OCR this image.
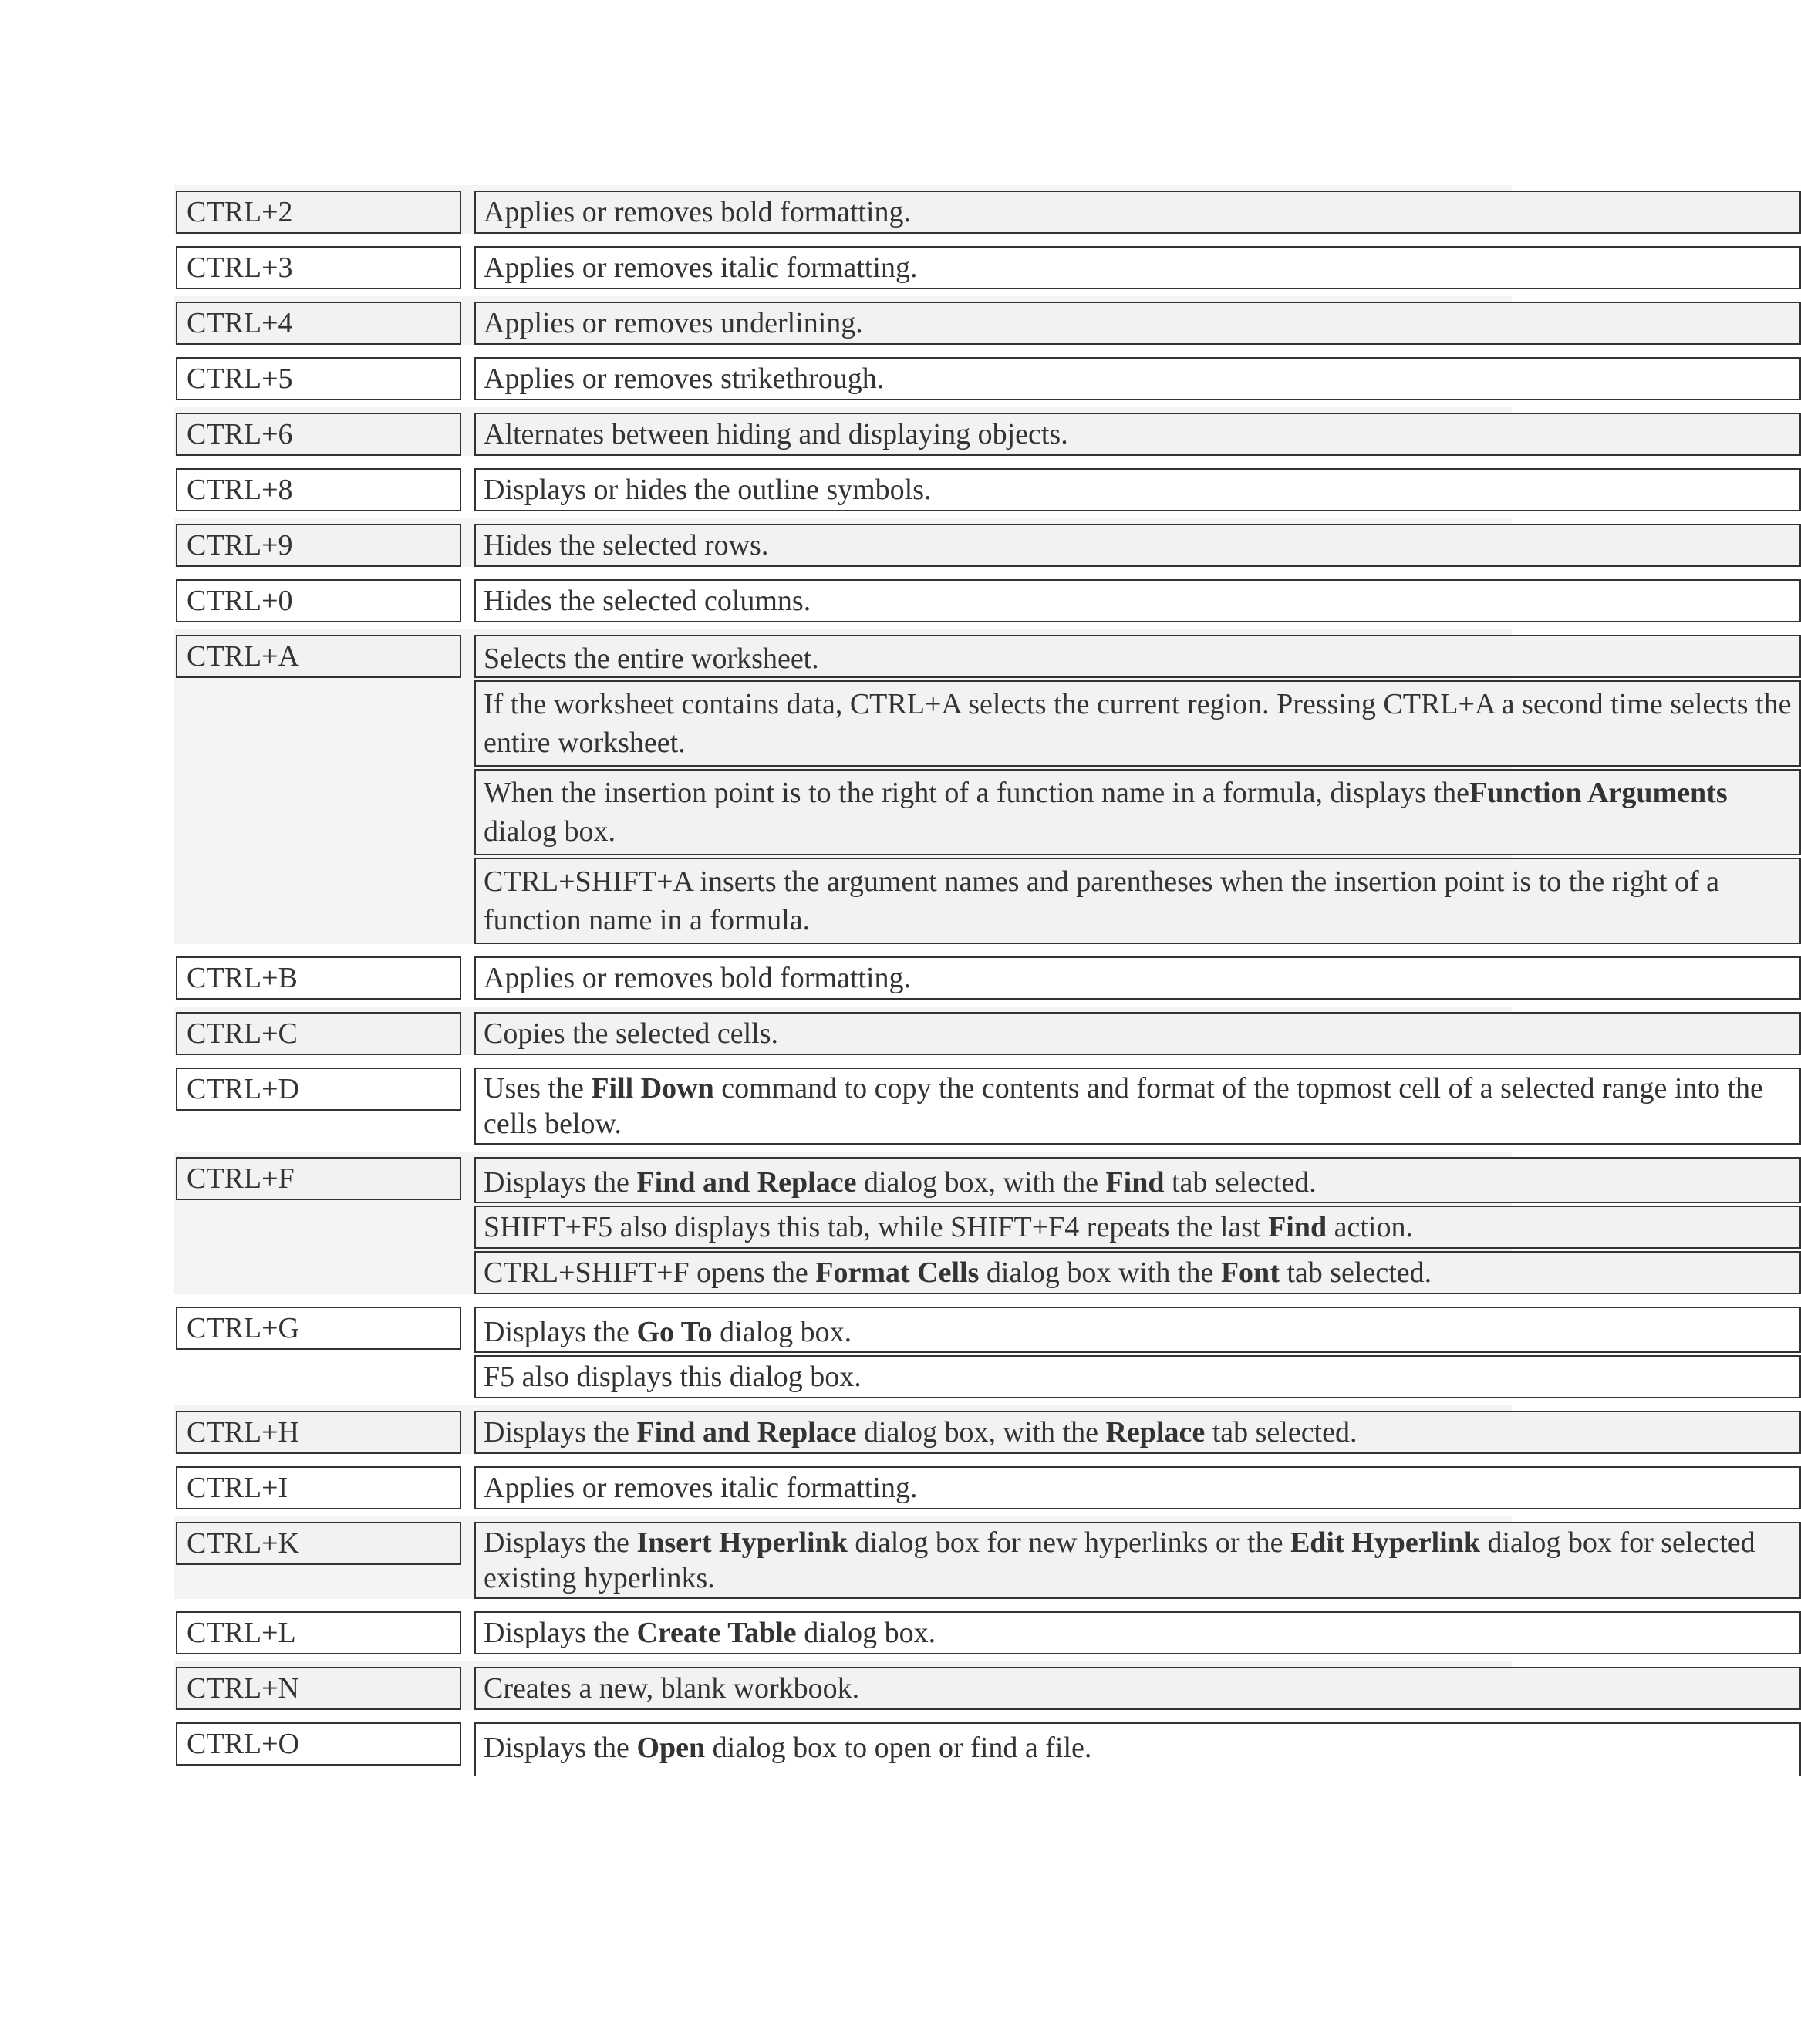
CTRL+2	Applies or removes bold formatting.
CTRL+3	Applies or removes italic formatting.
CTRL+4	Applies or removes underlining.
CTRL+5	Applies or removes strikethrough.
CTRL+6	Alternates between hiding and displaying objects.
CTRL+8	Displays or hides the outline symbols.
CTRL+9	Hides the selected rows.
CTRL+0	Hides the selected columns.
CTRL+A	Selects the entire worksheet.
If the worksheet contains data, CTRL+A selects the current region. Pressing CTRL+A a second time selects the entire worksheet.
When the insertion point is to the right of a function name in a formula, displays theFunction Arguments dialog box.
CTRL+SHIFT+A inserts the argument names and parentheses when the insertion point is to the right of a function name in a formula.
CTRL+B	Applies or removes bold formatting.
CTRL+C	Copies the selected cells.
CTRL+D	Uses the Fill Down command to copy the contents and format of the topmost cell of a selected range into the cells below.
CTRL+F	Displays the Find and Replace dialog box, with the Find tab selected.
SHIFT+F5 also displays this tab, while SHIFT+F4 repeats the last Find action.
CTRL+SHIFT+F opens the Format Cells dialog box with the Font tab selected.
CTRL+G	Displays the Go To dialog box.
F5 also displays this dialog box.
CTRL+H	Displays the Find and Replace dialog box, with the Replace tab selected.
CTRL+I	Applies or removes italic formatting.
CTRL+K	Displays the Insert Hyperlink dialog box for new hyperlinks or the Edit Hyperlink dialog box for selected existing hyperlinks.
CTRL+L	Displays the Create Table dialog box.
CTRL+N	Creates a new, blank workbook.
CTRL+O	Displays the Open dialog box to open or find a file.
